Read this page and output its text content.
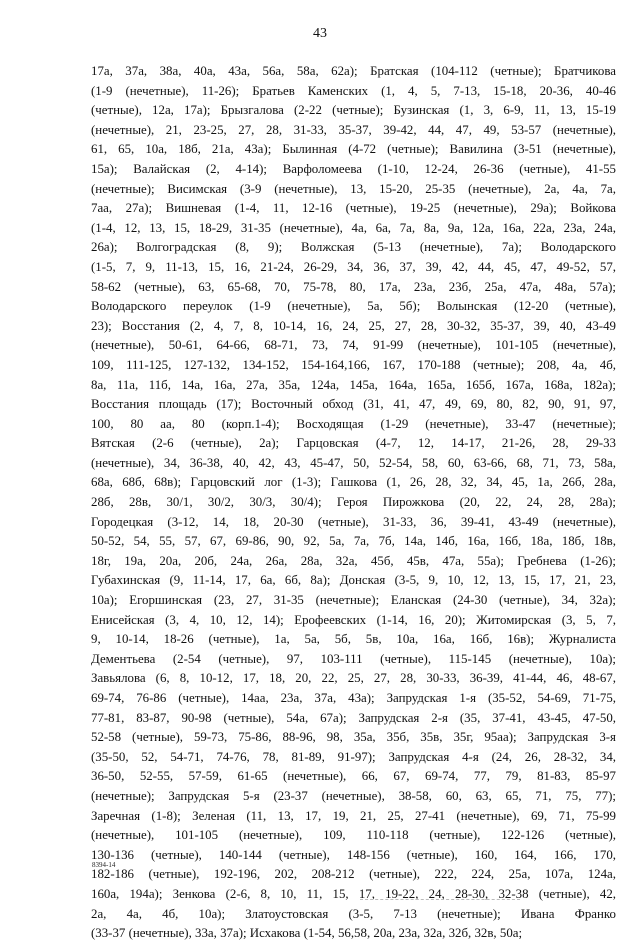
43
17а, 37а, 38а, 40а, 43а, 56а, 58а, 62а); Братская (104-112 (четные); Братчикова
(1-9 (нечетные), 11-26); Братьев Каменских (1, 4, 5, 7-13, 15-18, 20-36, 40-46
(четные), 12а, 17а); Брызгалова (2-22 (четные); Бузинская (1, 3, 6-9, 11, 13, 15-19
(нечетные), 21, 23-25, 27, 28, 31-33, 35-37, 39-42, 44, 47, 49, 53-57 (нечетные),
61, 65, 10а, 18б, 21а, 43а); Былинная (4-72 (четные); Вавилина (3-51 (нечетные),
15а); Валайская (2, 4-14); Варфоломеева (1-10, 12-24, 26-36 (четные), 41-55
(нечетные); Висимская (3-9 (нечетные), 13, 15-20, 25-35 (нечетные), 2а, 4а, 7а,
7аа, 27а); Вишневая (1-4, 11, 12-16 (четные), 19-25 (нечетные), 29а); Войкова
(1-4, 12, 13, 15, 18-29, 31-35 (нечетные), 4а, 6а, 7а, 8а, 9а, 12а, 16а, 22а, 23а, 24а,
26а); Волгоградская (8, 9); Волжская (5-13 (нечетные), 7а); Володарского
(1-5, 7, 9, 11-13, 15, 16, 21-24, 26-29, 34, 36, 37, 39, 42, 44, 45, 47, 49-52, 57,
58-62 (четные), 63, 65-68, 70, 75-78, 80, 17а, 23а, 23б, 25а, 47а, 48а, 57а);
Володарского переулок (1-9 (нечетные), 5а, 5б); Волынская (12-20 (четные),
23); Восстания (2, 4, 7, 8, 10-14, 16, 24, 25, 27, 28, 30-32, 35-37, 39, 40, 43-49
(нечетные), 50-61, 64-66, 68-71, 73, 74, 91-99 (нечетные), 101-105 (нечетные),
109, 111-125, 127-132, 134-152, 154-164,166, 167, 170-188 (четные); 208, 4а, 4б,
8а, 11а, 11б, 14а, 16а, 27а, 35а, 124а, 145а, 164а, 165а, 165б, 167а, 168а, 182а);
Восстания площадь (17); Восточный обход (31, 41, 47, 49, 69, 80, 82, 90, 91, 97,
100, 80 аа, 80 (корп.1-4); Восходящая (1-29 (нечетные), 33-47 (нечетные);
Вятская (2-6 (четные), 2а); Гарцовская (4-7, 12, 14-17, 21-26, 28, 29-33
(нечетные), 34, 36-38, 40, 42, 43, 45-47, 50, 52-54, 58, 60, 63-66, 68, 71, 73, 58а,
68а, 68б, 68в); Гарцовский лог (1-3); Гашкова (1, 26, 28, 32, 34, 45, 1а, 26б, 28а,
28б, 28в, 30/1, 30/2, 30/3, 30/4); Героя Пирожкова (20, 22, 24, 28, 28а);
Городецкая (3-12, 14, 18, 20-30 (четные), 31-33, 36, 39-41, 43-49 (нечетные),
50-52, 54, 55, 57, 67, 69-86, 90, 92, 5а, 7а, 7б, 14а, 14б, 16а, 16б, 18а, 18б, 18в,
18г, 19а, 20а, 20б, 24а, 26а, 28а, 32а, 45б, 45в, 47а, 55а); Гребнева (1-26);
Губахинская (9, 11-14, 17, 6а, 6б, 8а); Донская (3-5, 9, 10, 12, 13, 15, 17, 21, 23,
10а); Егоршинская (23, 27, 31-35 (нечетные); Еланская (24-30 (четные), 34, 32а);
Енисейская (3, 4, 10, 12, 14); Ерофеевских (1-14, 16, 20); Житомирская (3, 5, 7,
9, 10-14, 18-26 (четные), 1а, 5а, 5б, 5в, 10а, 16а, 16б, 16в); Журналиста
Дементьева (2-54 (четные), 97, 103-111 (четные), 115-145 (нечетные), 10а);
Завьялова (6, 8, 10-12, 17, 18, 20, 22, 25, 27, 28, 30-33, 36-39, 41-44, 46, 48-67,
69-74, 76-86 (четные), 14аа, 23а, 37а, 43а); Запрудская 1-я (35-52, 54-69, 71-75,
77-81, 83-87, 90-98 (четные), 54а, 67а); Запрудская 2-я (35, 37-41, 43-45, 47-50,
52-58 (четные), 59-73, 75-86, 88-96, 98, 35а, 35б, 35в, 35г, 95аа); Запрудская 3-я
(35-50, 52, 54-71, 74-76, 78, 81-89, 91-97); Запрудская 4-я (24, 26, 28-32, 34,
36-50, 52-55, 57-59, 61-65 (нечетные), 66, 67, 69-74, 77, 79, 81-83, 85-97
(нечетные); Запрудская 5-я (23-37 (нечетные), 38-58, 60, 63, 65, 71, 75, 77);
Заречная (1-8); Зеленая (11, 13, 17, 19, 21, 25, 27-41 (нечетные), 69, 71, 75-99
(нечетные), 101-105 (нечетные), 109, 110-118 (четные), 122-126 (четные),
130-136 (четные), 140-144 (четные), 148-156 (четные), 160, 164, 166, 170,
182-186 (четные), 192-196, 202, 208-212 (четные), 222, 224, 25а, 107а, 124а,
160а, 194а); Зенкова (2-6, 8, 10, 11, 15, 17, 19-22, 24, 28-30, 32-38 (четные), 42,
2а, 4а, 4б, 10а); Златоустовская (3-5, 7-13 (нечетные); Ивана Франко
(33-37 (нечетные), 33а, 37а); Исхакова (1-54, 56,58, 20а, 23а, 32а, 32б, 32в, 50а;
8394-14
